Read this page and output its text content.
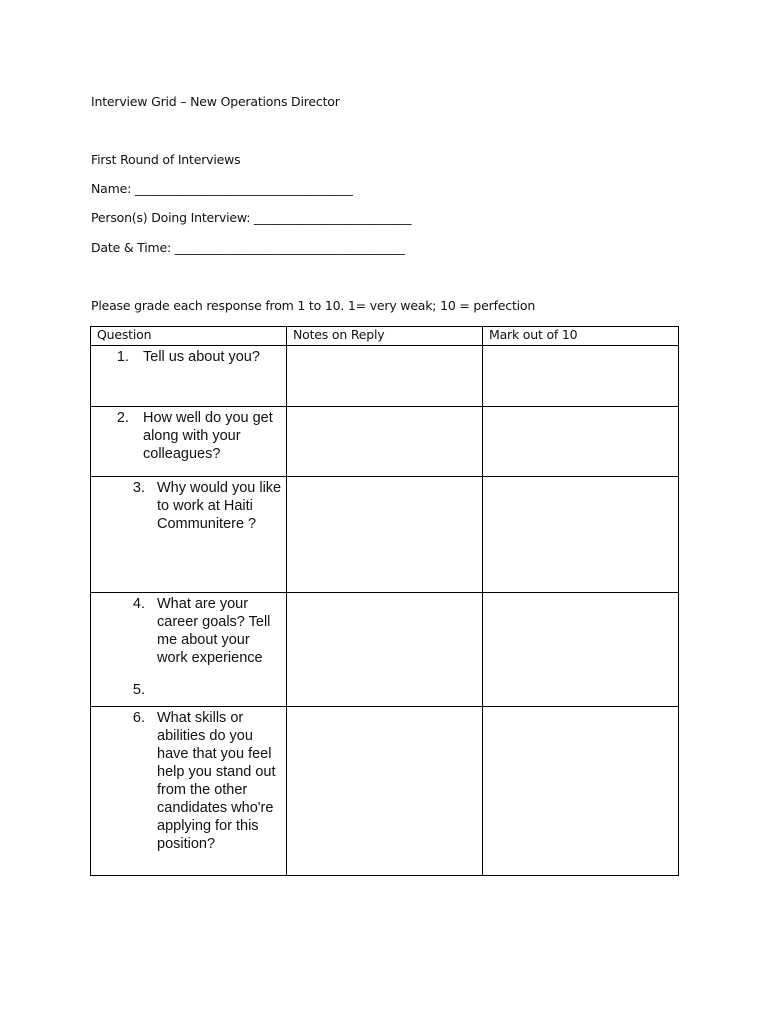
Interview Grid – New Operations Director
First Round of Interviews
Name: ____________________________________
Person(s) Doing Interview: __________________________
Date & Time: ______________________________________
Please grade each response from 1 to 10. 1= very weak; 10 = perfection
Question	Notes on Reply	Mark out of 10

1. Tell us about you?		

2. How well do you get along with your colleagues?		

3. Why would you like to work at Haiti Communitere ?		

4. What are your career goals? Tell me about your work experience
5.		

6. What skills or abilities do you have that you feel help you stand out from the other candidates who're applying for this position?		
